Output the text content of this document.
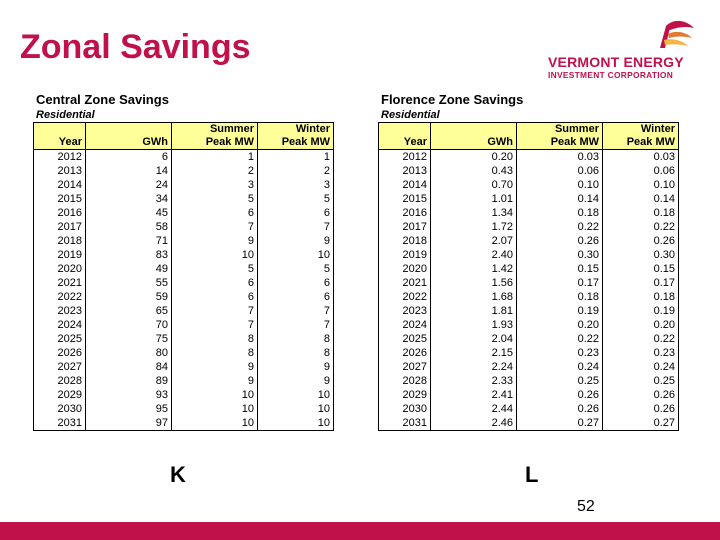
Zonal Savings	VERMONT ENERGY
INVESTMENT CORPORATION
Central Zone Savings
Residential
		Summer	Winter
Year	GWh	Peak MW	Peak MW
2012	6	1	1
2013	14	2	2
2014	24	3	3
2015	34	5	5
2016	45	6	6
2017	58	7	7
2018	71	9	9
2019	83	10	10
2020	49	5	5
2021	55	6	6
2022	59	6	6
2023	65	7	7
2024	70	7	7
2025	75	8	8
2026	80	8	8
2027	84	9	9
2028	89	9	9
2029	93	10	10
2030	95	10	10
2031	97	10	10
Florence Zone Savings
Residential
		Summer	Winter
Year	GWh	Peak MW	Peak MW
2012	0.20	0.03	0.03
2013	0.43	0.06	0.06
2014	0.70	0.10	0.10
2015	1.01	0.14	0.14
2016	1.34	0.18	0.18
2017	1.72	0.22	0.22
2018	2.07	0.26	0.26
2019	2.40	0.30	0.30
2020	1.42	0.15	0.15
2021	1.56	0.17	0.17
2022	1.68	0.18	0.18
2023	1.81	0.19	0.19
2024	1.93	0.20	0.20
2025	2.04	0.22	0.22
2026	2.15	0.23	0.23
2027	2.24	0.24	0.24
2028	2.33	0.25	0.25
2029	2.41	0.26	0.26
2030	2.44	0.26	0.26
2031	2.46	0.27	0.27
K	L
52
